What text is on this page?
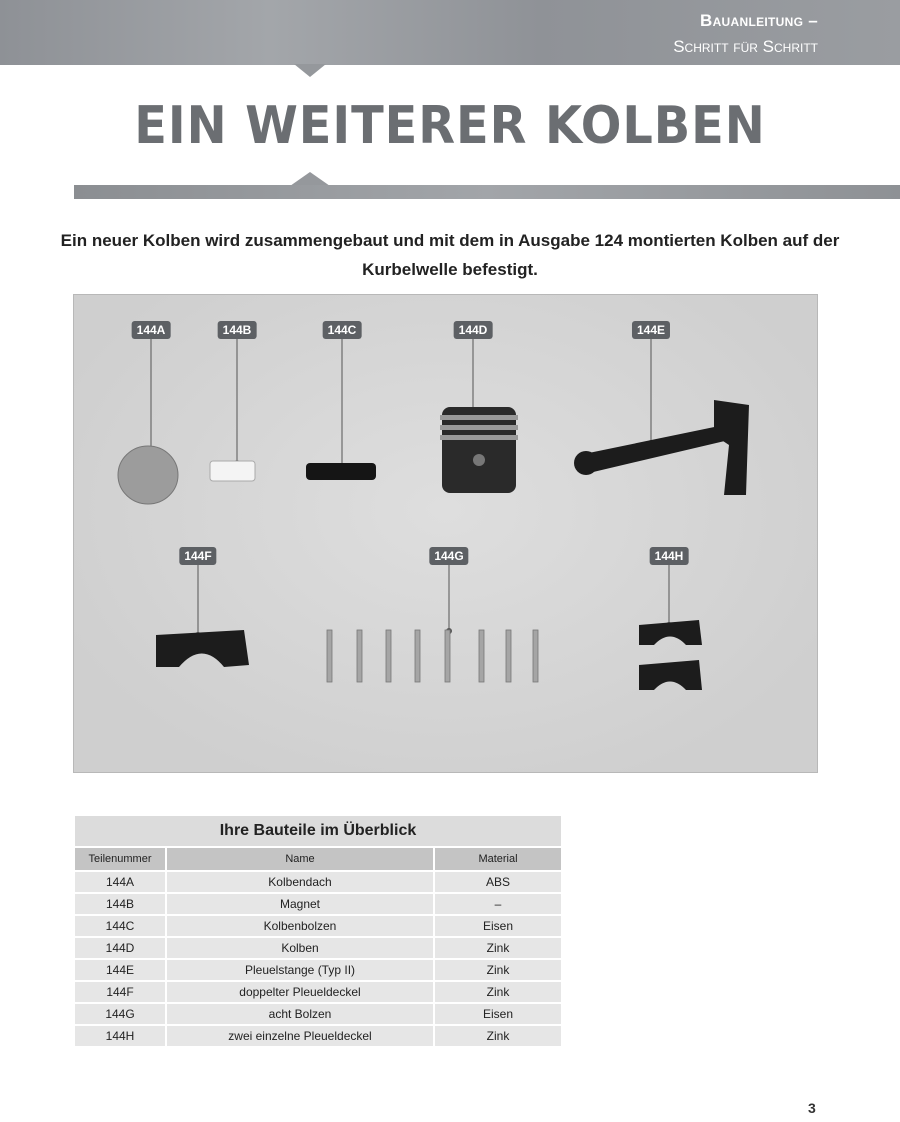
Bauanleitung –
Schritt für Schritt
EIN WEITERER KOLBEN
Ein neuer Kolben wird zusammengebaut und mit dem in Ausgabe 124 montierten Kolben auf der Kurbelwelle befestigt.
144A	144B	144C	144D	144E
144F	144G	144H
Ihre Bauteile im Überblick		
Teilenummer	Name	Material
144A	Kolbendach	ABS
144B	Magnet	–
144C	Kolbenbolzen	Eisen
144D	Kolben	Zink
144E	Pleuelstange (Typ II)	Zink
144F	doppelter Pleueldeckel	Zink
144G	acht Bolzen	Eisen
144H	zwei einzelne Pleueldeckel	Zink
3
